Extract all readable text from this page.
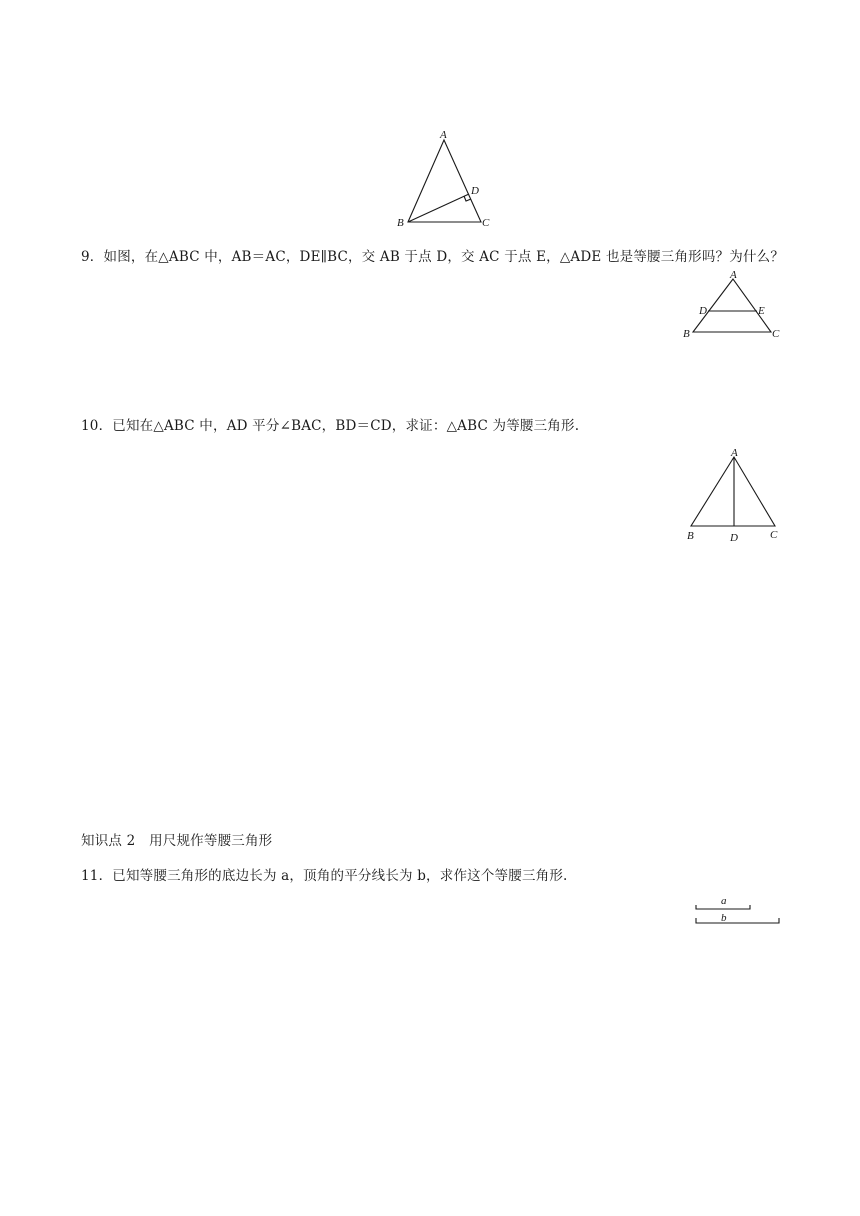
A
B	C
D
9．如图，在△ABC 中，AB＝AC，DE∥BC，交 AB 于点 D，交 AC 于点 E，△ADE 也是等腰三角形吗？为什么？
A
B	C
D	E
10．已知在△ABC 中，AD 平分∠BAC，BD＝CD，求证：△ABC 为等腰三角形.
A
B	D	C
知识点 2　用尺规作等腰三角形
11．已知等腰三角形的底边长为 a，顶角的平分线长为 b，求作这个等腰三角形.
a
b
